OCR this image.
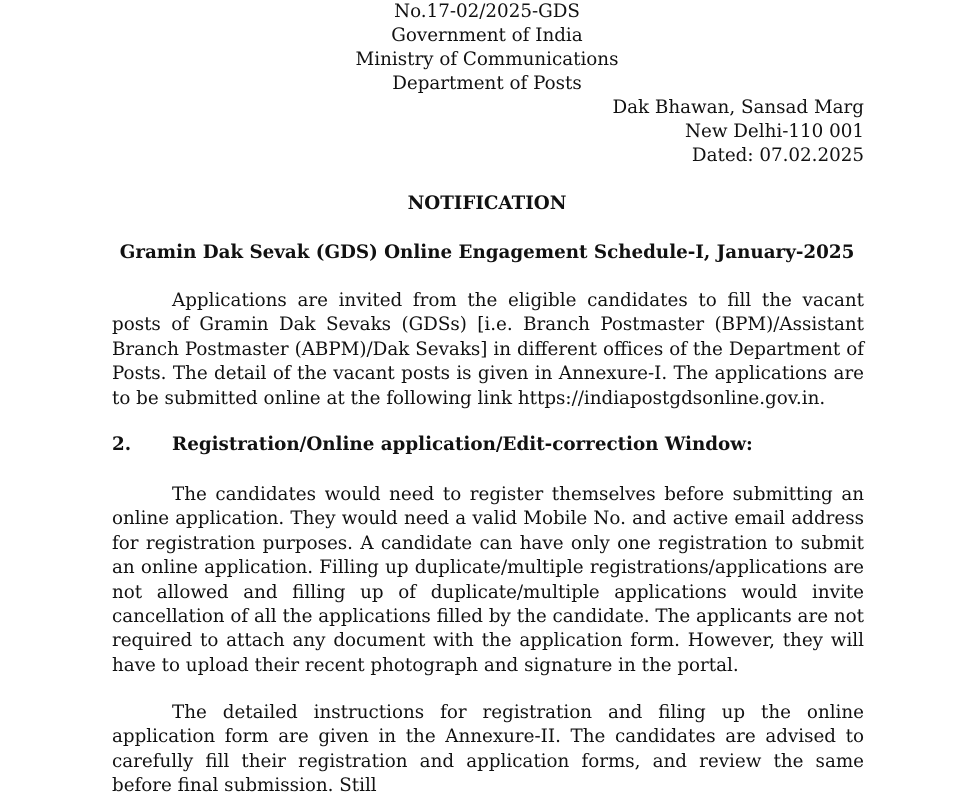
No.17-02/2025-GDS
Government of India
Ministry of Communications
Department of Posts
Dak Bhawan, Sansad Marg
New Delhi-110 001
Dated: 07.02.2025
NOTIFICATION
Gramin Dak Sevak (GDS) Online Engagement Schedule-I, January-2025
Applications are invited from the eligible candidates to fill the vacant posts of Gramin Dak Sevaks (GDSs) [i.e. Branch Postmaster (BPM)/Assistant Branch Postmaster (ABPM)/Dak Sevaks] in different offices of the Department of Posts. The detail of the vacant posts is given in Annexure-I. The applications are to be submitted online at the following link https://indiapostgdsonline.gov.in.
2. Registration/Online application/Edit-correction Window:
The candidates would need to register themselves before submitting an online application. They would need a valid Mobile No. and active email address for registration purposes. A candidate can have only one registration to submit an online application. Filling up duplicate/multiple registrations/applications are not allowed and filling up of duplicate/multiple applications would invite cancellation of all the applications filled by the candidate. The applicants are not required to attach any document with the application form. However, they will have to upload their recent photograph and signature in the portal.
The detailed instructions for registration and filing up the online application form are given in the Annexure-II. The candidates are advised to carefully fill their registration and application forms, and review the same before final submission. Still
